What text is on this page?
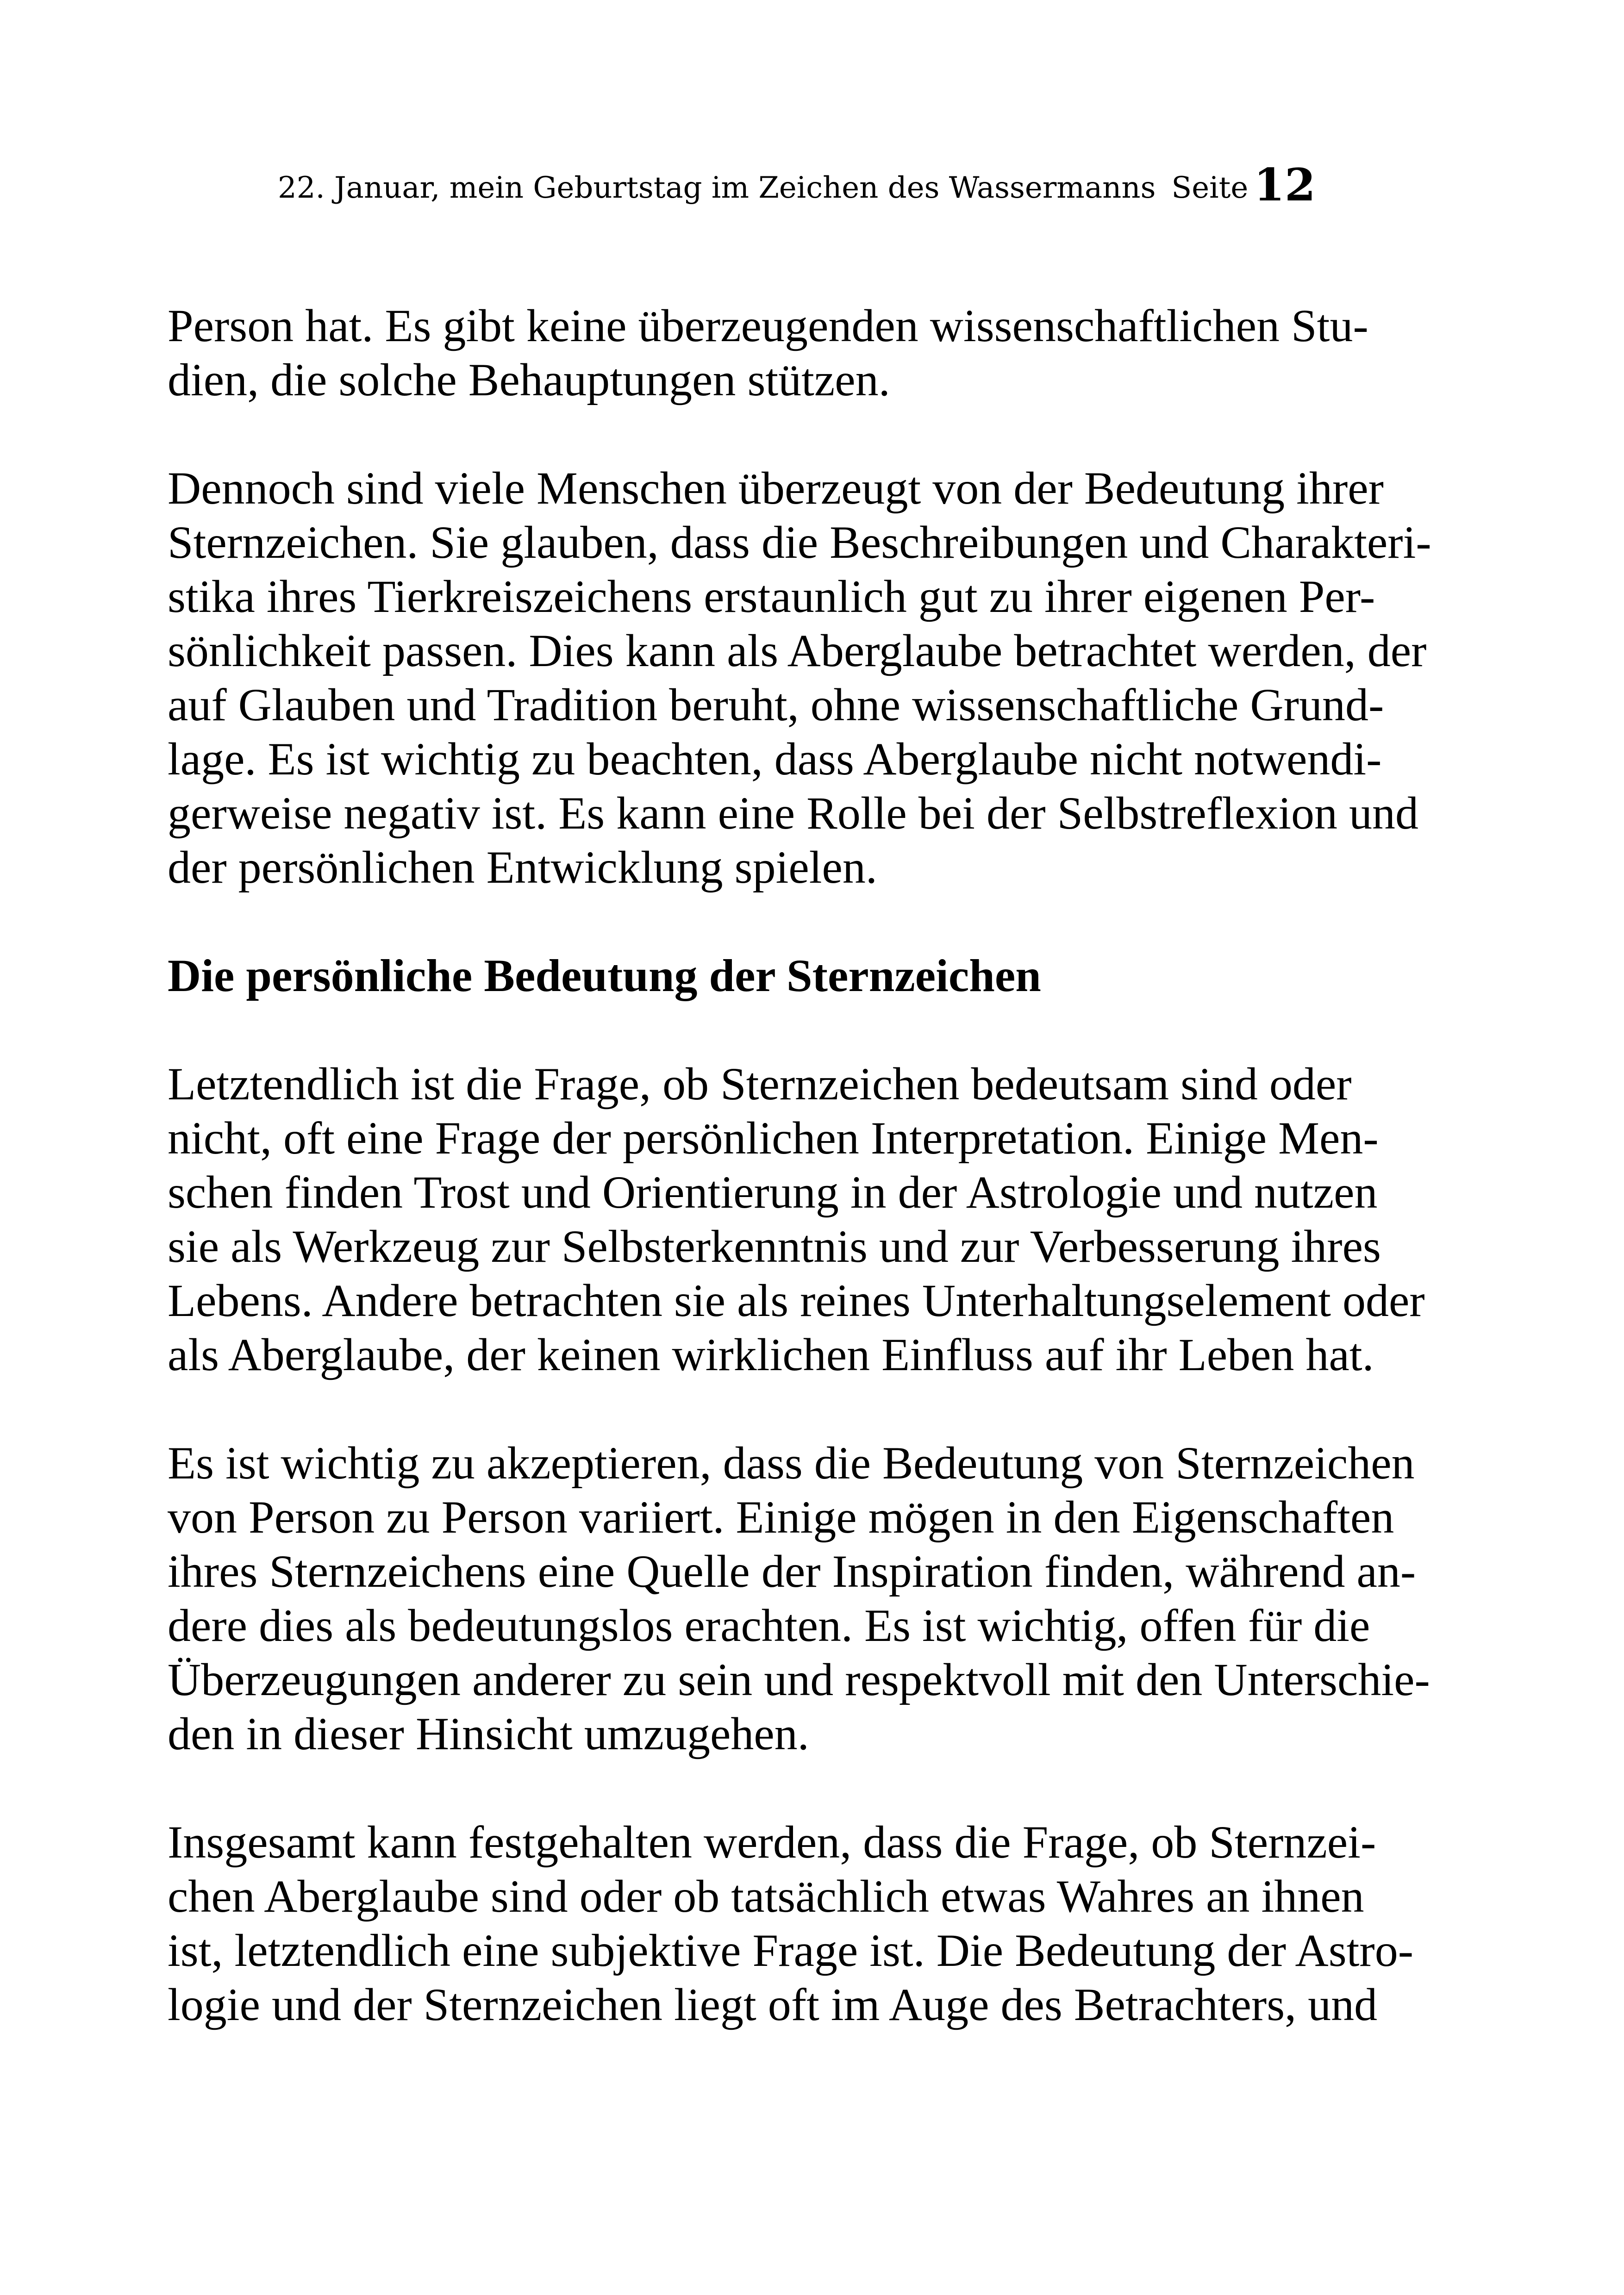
22. Januar, mein Geburtstag im Zeichen des Wassermanns Seite 12
Person hat. Es gibt keine überzeugenden wissenschaftlichen Stu-
dien, die solche Behauptungen stützen.
Dennoch sind viele Menschen überzeugt von der Bedeutung ihrer
Sternzeichen. Sie glauben, dass die Beschreibungen und Charakteri-
stika ihres Tierkreiszeichens erstaunlich gut zu ihrer eigenen Per-
sönlichkeit passen. Dies kann als Aberglaube betrachtet werden, der
auf Glauben und Tradition beruht, ohne wissenschaftliche Grund-
lage. Es ist wichtig zu beachten, dass Aberglaube nicht notwendi-
gerweise negativ ist. Es kann eine Rolle bei der Selbstreflexion und
der persönlichen Entwicklung spielen.
Die persönliche Bedeutung der Sternzeichen
Letztendlich ist die Frage, ob Sternzeichen bedeutsam sind oder
nicht, oft eine Frage der persönlichen Interpretation. Einige Men-
schen finden Trost und Orientierung in der Astrologie und nutzen
sie als Werkzeug zur Selbsterkenntnis und zur Verbesserung ihres
Lebens. Andere betrachten sie als reines Unterhaltungselement oder
als Aberglaube, der keinen wirklichen Einfluss auf ihr Leben hat.
Es ist wichtig zu akzeptieren, dass die Bedeutung von Sternzeichen
von Person zu Person variiert. Einige mögen in den Eigenschaften
ihres Sternzeichens eine Quelle der Inspiration finden, während an-
dere dies als bedeutungslos erachten. Es ist wichtig, offen für die
Überzeugungen anderer zu sein und respektvoll mit den Unterschie-
den in dieser Hinsicht umzugehen.
Insgesamt kann festgehalten werden, dass die Frage, ob Sternzei-
chen Aberglaube sind oder ob tatsächlich etwas Wahres an ihnen
ist, letztendlich eine subjektive Frage ist. Die Bedeutung der Astro-
logie und der Sternzeichen liegt oft im Auge des Betrachters, und
